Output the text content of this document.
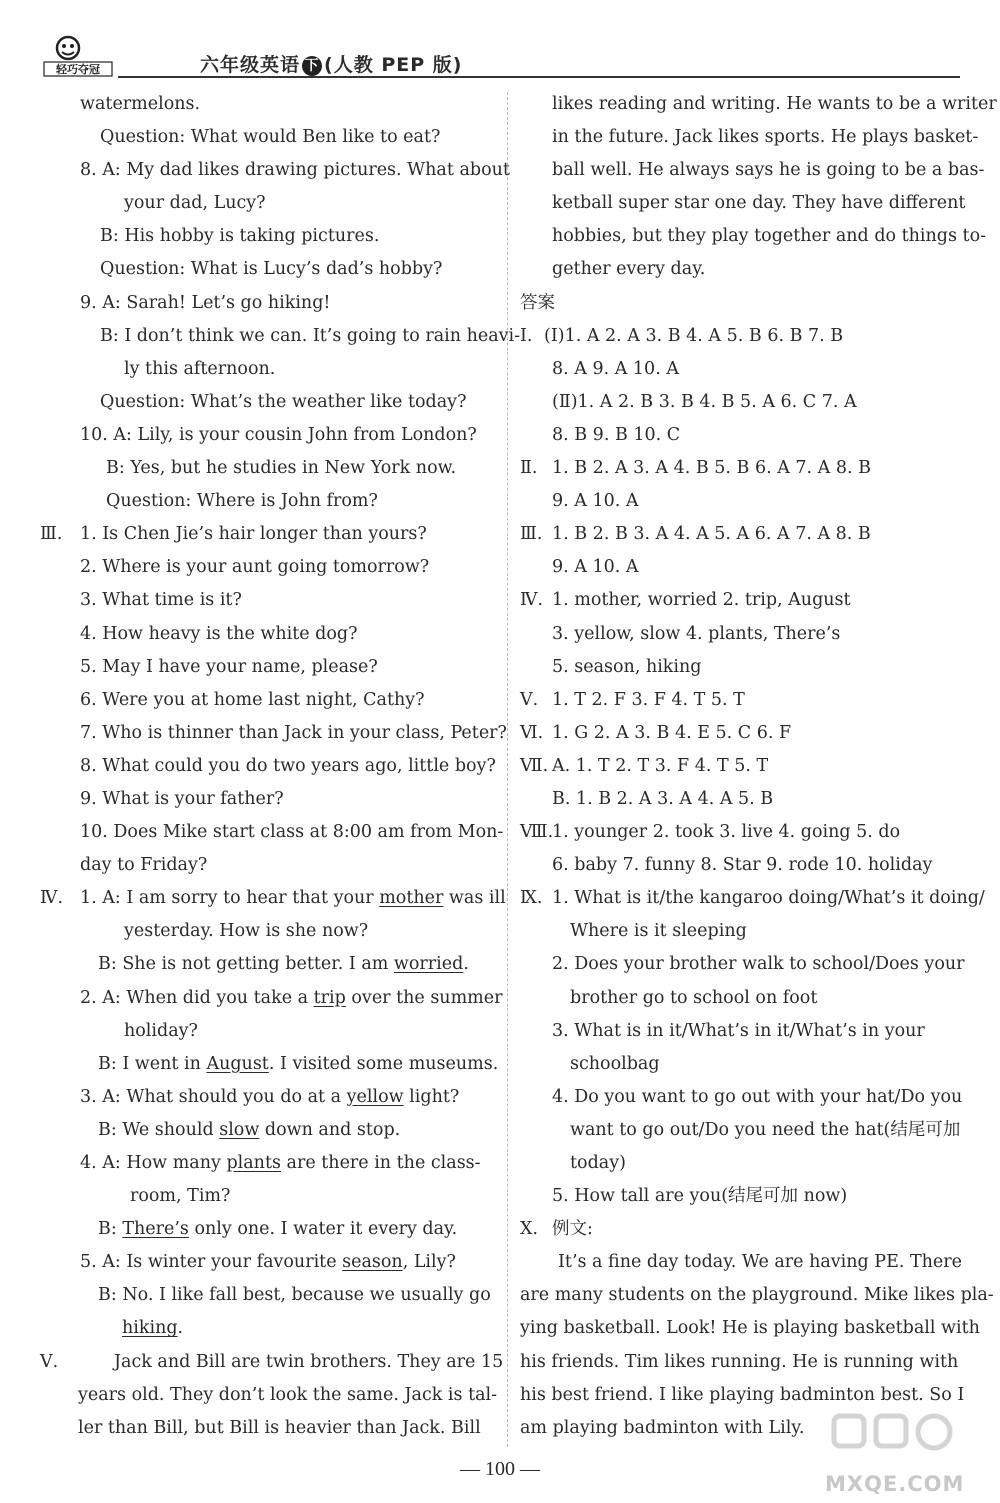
轻巧夺冠	六年级英语 下 (人教 PEP 版)
watermelons.
Question: What would Ben like to eat?
8. A: My dad likes drawing pictures. What about
your dad, Lucy?
B: His hobby is taking pictures.
Question: What is Lucy’s dad’s hobby?
9. A: Sarah! Let’s go hiking!
B: I don’t think we can. It’s going to rain heavi-
ly this afternoon.
Question: What’s the weather like today?
10. A: Lily, is your cousin John from London?
B: Yes, but he studies in New York now.
Question: Where is John from?
Ⅲ. 1. Is Chen Jie’s hair longer than yours?
2. Where is your aunt going tomorrow?
3. What time is it?
4. How heavy is the white dog?
5. May I have your name, please?
6. Were you at home last night, Cathy?
7. Who is thinner than Jack in your class, Peter?
8. What could you do two years ago, little boy?
9. What is your father?
10. Does Mike start class at 8:00 am from Mon-
day to Friday?
Ⅳ. 1. A: I am sorry to hear that your mother was ill
yesterday. How is she now?
B: She is not getting better. I am worried.
2. A: When did you take a trip over the summer
holiday?
B: I went in August. I visited some museums.
3. A: What should you do at a yellow light?
B: We should slow down and stop.
4. A: How many plants are there in the class-
room, Tim?
B: There’s only one. I water it every day.
5. A: Is winter your favourite season, Lily?
B: No. I like fall best, because we usually go
hiking.
Ⅴ.	Jack and Bill are twin brothers. They are 15
years old. They don’t look the same. Jack is tal-
ler than Bill, but Bill is heavier than Jack. Bill
likes reading and writing. He wants to be a writer
in the future. Jack likes sports. He plays basket-
ball well. He always says he is going to be a bas-
ketball super star one day. They have different
hobbies, but they play together and do things to-
gether every day.
答案
Ⅰ. (Ⅰ)1. A 2. A 3. B 4. A 5. B 6. B 7. B
8. A 9. A 10. A
(Ⅱ)1. A 2. B 3. B 4. B 5. A 6. C 7. A
8. B 9. B 10. C
Ⅱ. 1. B 2. A 3. A 4. B 5. B 6. A 7. A 8. B
9. A 10. A
Ⅲ. 1. B 2. B 3. A 4. A 5. A 6. A 7. A 8. B
9. A 10. A
Ⅳ. 1. mother, worried 2. trip, August
3. yellow, slow 4. plants, There’s
5. season, hiking
Ⅴ. 1. T 2. F 3. F 4. T 5. T
Ⅵ. 1. G 2. A 3. B 4. E 5. C 6. F
Ⅶ. A. 1. T 2. T 3. F 4. T 5. T
B. 1. B 2. A 3. A 4. A 5. B
Ⅷ.
1. younger 2. took 3. live 4. going 5. do
6. baby 7. funny 8. Star 9. rode 10. holiday
Ⅸ. 1. What is it/the kangaroo doing/What’s it doing/
Where is it sleeping
2. Does your brother walk to school/Does your
brother go to school on foot
3. What is in it/What’s in it/What’s in your
schoolbag
4. Do you want to go out with your hat/Do you
want to go out/Do you need the hat(结尾可加
today)
5. How tall are you(结尾可加 now)
Ⅹ. 例文:
It’s a fine day today. We are having PE. There
are many students on the playground. Mike likes pla-
ying basketball. Look! He is playing basketball with
his friends. Tim likes running. He is running with
his best friend. I like playing badminton best. So I
am playing badminton with Lily.
— 100 —
MXQE.COM
